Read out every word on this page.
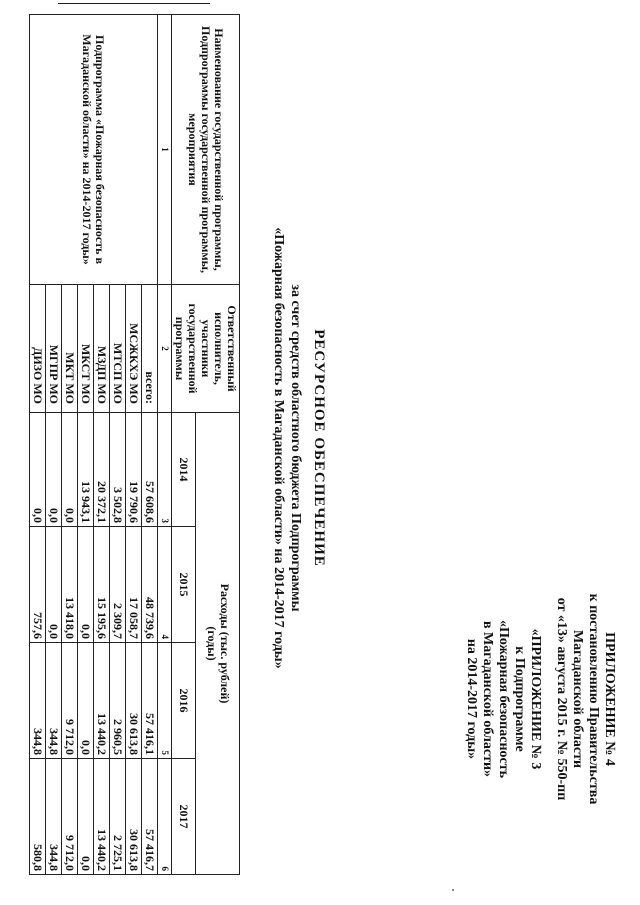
ПРИЛОЖЕНИЕ № 4
к постановлению Правительства
Магаданской области
от «13» августа 2015 г. № 550-пп
«ПРИЛОЖЕНИЕ № 3
к Подпрограмме
«Пожарная безопасность
в Магаданской области»
на 2014-2017 годы»
РЕСУРСНОЕ ОБЕСПЕЧЕНИЕ
за счет средств областного бюджета Подпрограммы
«Пожарная безопасность в Магаданской области» на 2014-2017 годы»
Наименование государственной программы, Подпрограммы государственной программы, мероприятия	Ответственный исполнитель, участники государственной программы	Расходы (тыс. рублей)
(годы)			
		2014	2015	2016	2017
1	2	3	4	5	6
Подпрограмма «Пожарная безопасность в Магаданской области» на 2014-2017 годы»	всего:	57 608,6	48 739,6	57 416,1	57 416,7
	МСЖКХЭ МО	19 790,6	17 058,7	30 613,8	30 613,8
	МТСП МО	3 502,8	2 309,7	2 960,5	2 725,1
	МЗДП МО	20 372,1	15 195,6	13 440,2	13 440,2
	МКСТ МО	13 943,1	0,0	0,0	0,0
	МКТ МО	0,0	13 418,0	9 712,0	9 712,0
	МГПР МО	0,0	0,0	344,8	344,8
	ДИЗО МО	0,0	757,6	344,8	580,8
